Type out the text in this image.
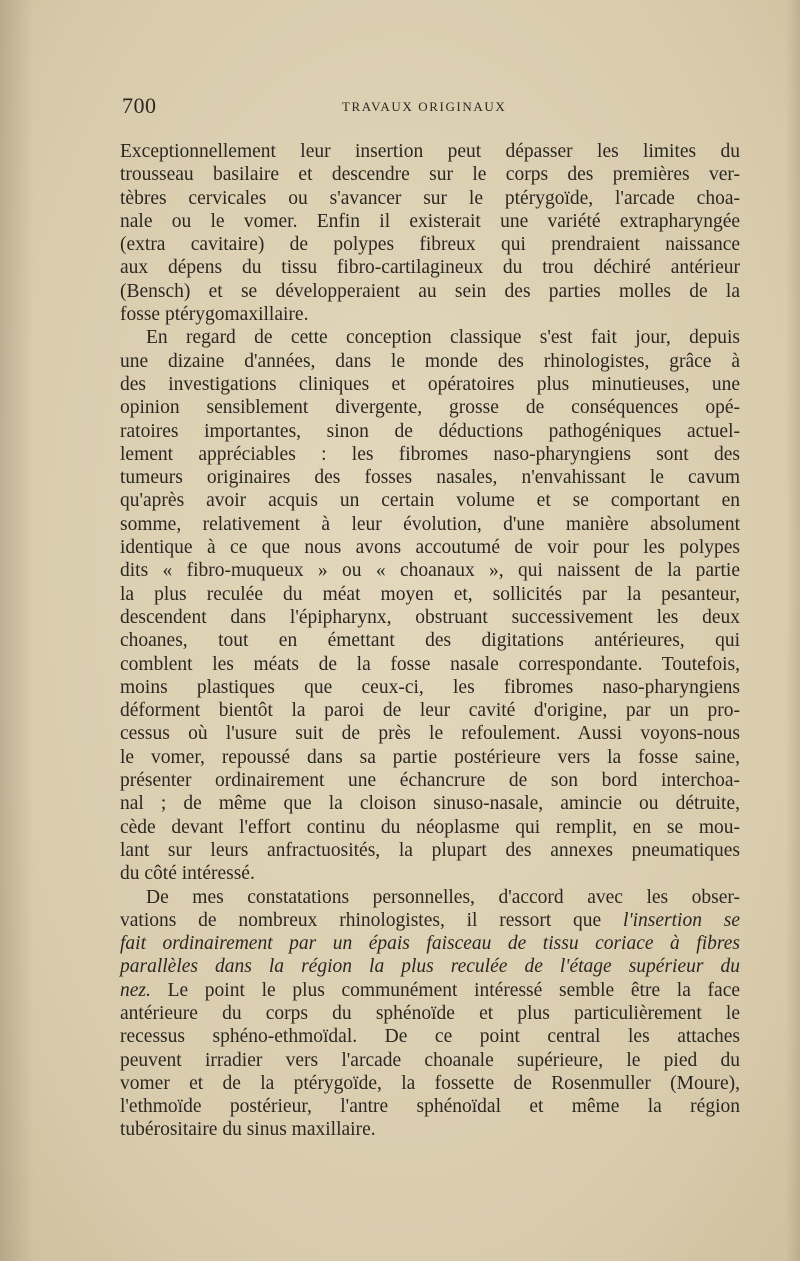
700	TRAVAUX ORIGINAUX
Exceptionnellement leur insertion peut dépasser les limites du
trousseau basilaire et descendre sur le corps des premières ver-
tèbres cervicales ou s'avancer sur le ptérygoïde, l'arcade choa-
nale ou le vomer. Enfin il existerait une variété extrapharyngée
(extra cavitaire) de polypes fibreux qui prendraient naissance
aux dépens du tissu fibro-cartilagineux du trou déchiré antérieur
(Bensch) et se développeraient au sein des parties molles de la
fosse ptérygomaxillaire.
En regard de cette conception classique s'est fait jour, depuis
une dizaine d'années, dans le monde des rhinologistes, grâce à
des investigations cliniques et opératoires plus minutieuses, une
opinion sensiblement divergente, grosse de conséquences opé-
ratoires importantes, sinon de déductions pathogéniques actuel-
lement appréciables : les fibromes naso-pharyngiens sont des
tumeurs originaires des fosses nasales, n'envahissant le cavum
qu'après avoir acquis un certain volume et se comportant en
somme, relativement à leur évolution, d'une manière absolument
identique à ce que nous avons accoutumé de voir pour les polypes
dits « fibro-muqueux » ou « choanaux », qui naissent de la partie
la plus reculée du méat moyen et, sollicités par la pesanteur,
descendent dans l'épipharynx, obstruant successivement les deux
choanes, tout en émettant des digitations antérieures, qui
comblent les méats de la fosse nasale correspondante. Toutefois,
moins plastiques que ceux-ci, les fibromes naso-pharyngiens
déforment bientôt la paroi de leur cavité d'origine, par un pro-
cessus où l'usure suit de près le refoulement. Aussi voyons-nous
le vomer, repoussé dans sa partie postérieure vers la fosse saine,
présenter ordinairement une échancrure de son bord interchoa-
nal ; de même que la cloison sinuso-nasale, amincie ou détruite,
cède devant l'effort continu du néoplasme qui remplit, en se mou-
lant sur leurs anfractuosités, la plupart des annexes pneumatiques
du côté intéressé.
De mes constatations personnelles, d'accord avec les obser-
vations de nombreux rhinologistes, il ressort que l'insertion se
fait ordinairement par un épais faisceau de tissu coriace à fibres
parallèles dans la région la plus reculée de l'étage supérieur du
nez. Le point le plus communément intéressé semble être la face
antérieure du corps du sphénoïde et plus particulièrement le
recessus sphéno-ethmoïdal. De ce point central les attaches
peuvent irradier vers l'arcade choanale supérieure, le pied du
vomer et de la ptérygoïde, la fossette de Rosenmuller (Moure),
l'ethmoïde postérieur, l'antre sphénoïdal et même la région
tubérositaire du sinus maxillaire.
